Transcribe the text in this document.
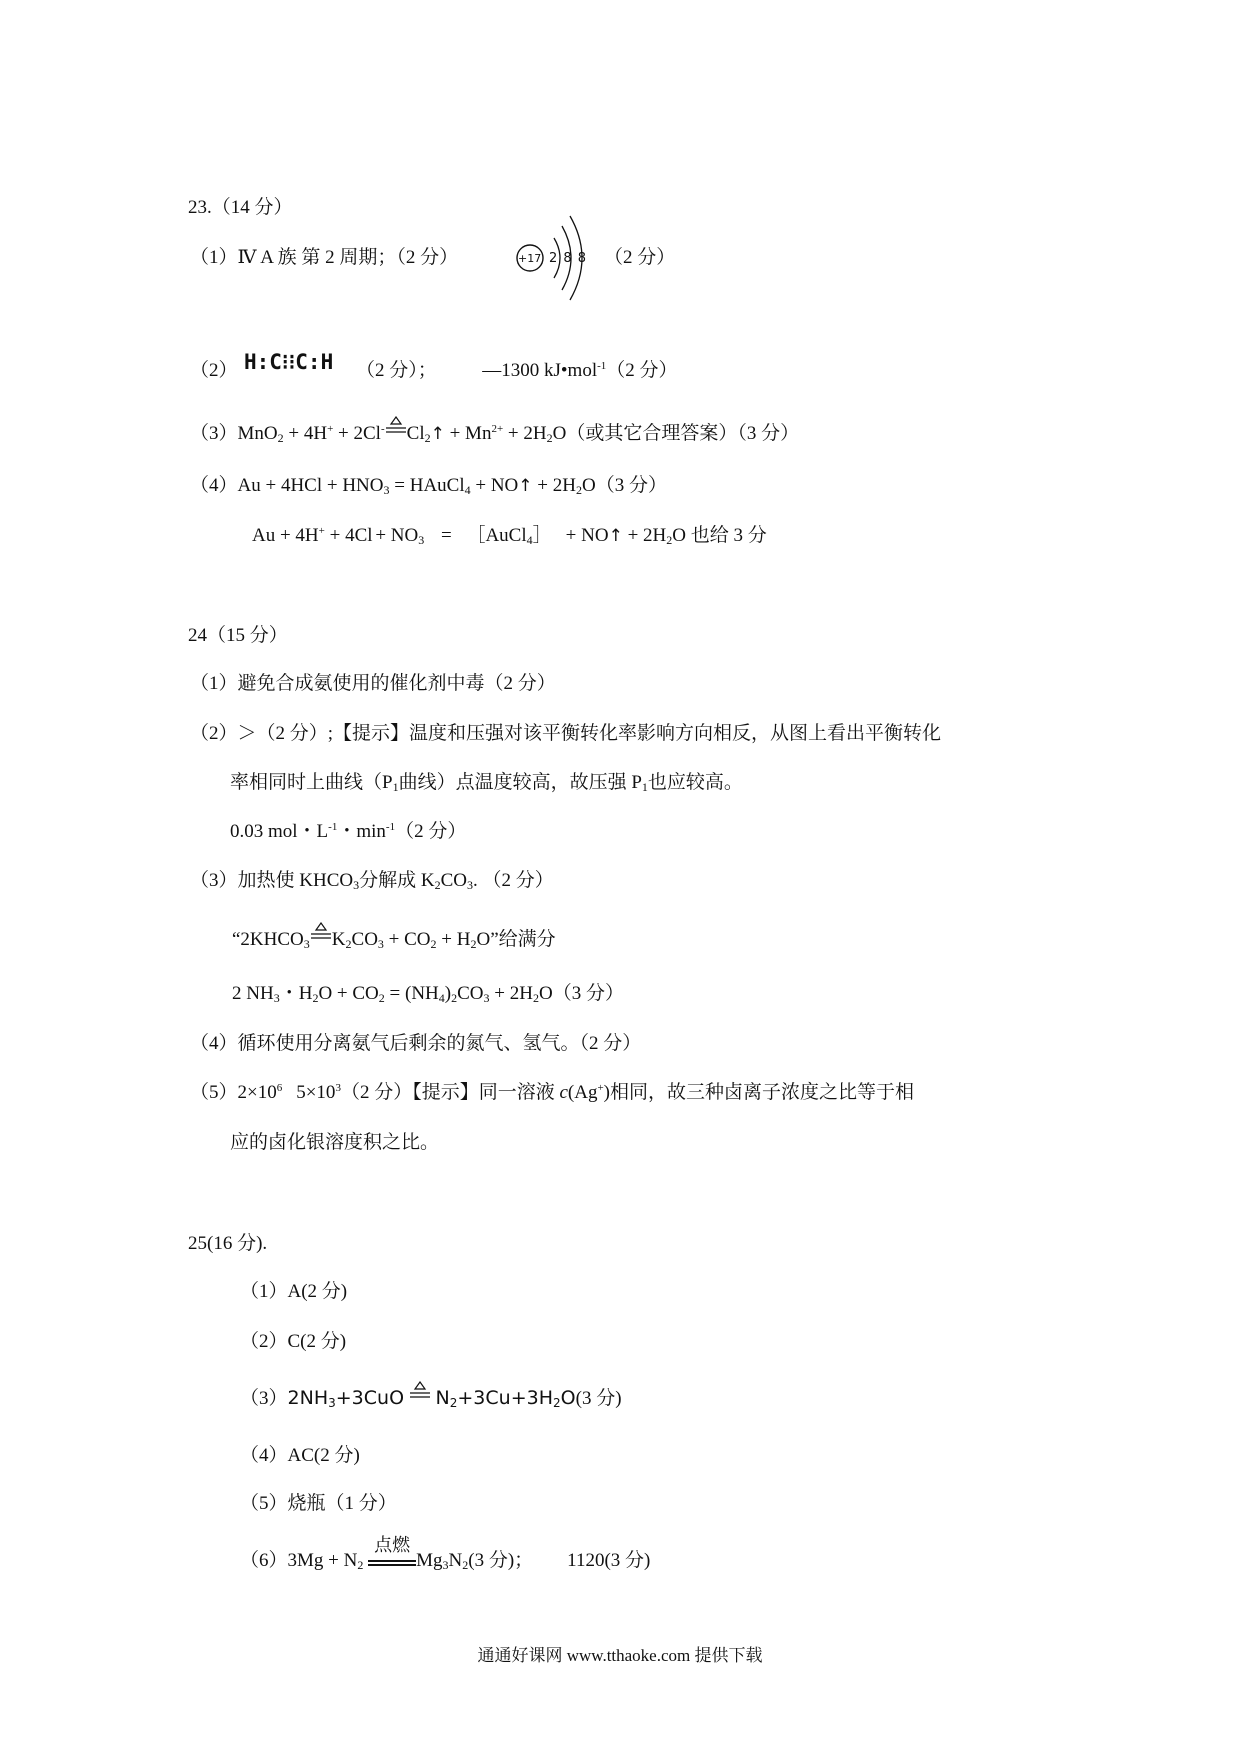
23.（14 分）
（1）Ⅳ A 族 第 2 周期；（2 分）	+17 2 8 8 （2 分）
（2） H:C⁝⁝C:H （2 分）； —1300 kJ•mol$^{-1}$（2 分）
（3）MnO$_2$ + 4H+ + 2Cl- $Cl_2↑ + Mn^{2+} + 2H_2O$（或其它合理答案）（3 分）
$(4)Au + 4HCl + HNO_3$ = HAuCl$_4$ + NO↑ + $2H_2O(3$ 分）
$Au + 4H^+ + 4Cl + NO_3$ = ［AuCl$_4$］ + NO↑ + $2H_2O$ 也给 3 分
24（15 分）
（1）避免合成氨使用的催化剂中毒（2 分）
（2）＞（2 分）;【提示】温度和压强对该平衡转化率影响方向相反，从图上看出平衡转化
率相同时上曲线（$P_1$曲线）点温度较高，故压强 $P_1$也应较高。
0.03 mol・$L^{-1}$・$\min^{-1}(2$ 分）
（3）加热使 $KHCO_3$分解成 $K_2CO_3$. （2 分）
“$2KHCO_3$ $K_2CO_3 + CO_2 + H_2O$”给满分
2 $NH_3$・$H_2O + CO_2 = (NH_4)_2CO_3 + 2H_2O(3$ 分）
（4）循环使用分离氨气后剩余的氮气、氢气。（2 分）
$(5)2\times 10^6$ $5\times 10^3(2$ 分）【提示】同一溶液 c(Ag+)相同，故三种卤离子浓度之比等于相
应的卤化银溶度积之比。
25(16 分).
（1）A(2 分)
（2）C(2 分)
$(3)2NH_3+3CuO$ $N_2+3Cu+3H_2O(3$ 分)
（4）AC(2 分)
（5）烧瓶（1 分）
$(6)3Mg + N_2$
点燃
$Mg_3N_2(3$ 分)； 1120(3 分)
通通好课网 www.tthaoke.com 提供下载
